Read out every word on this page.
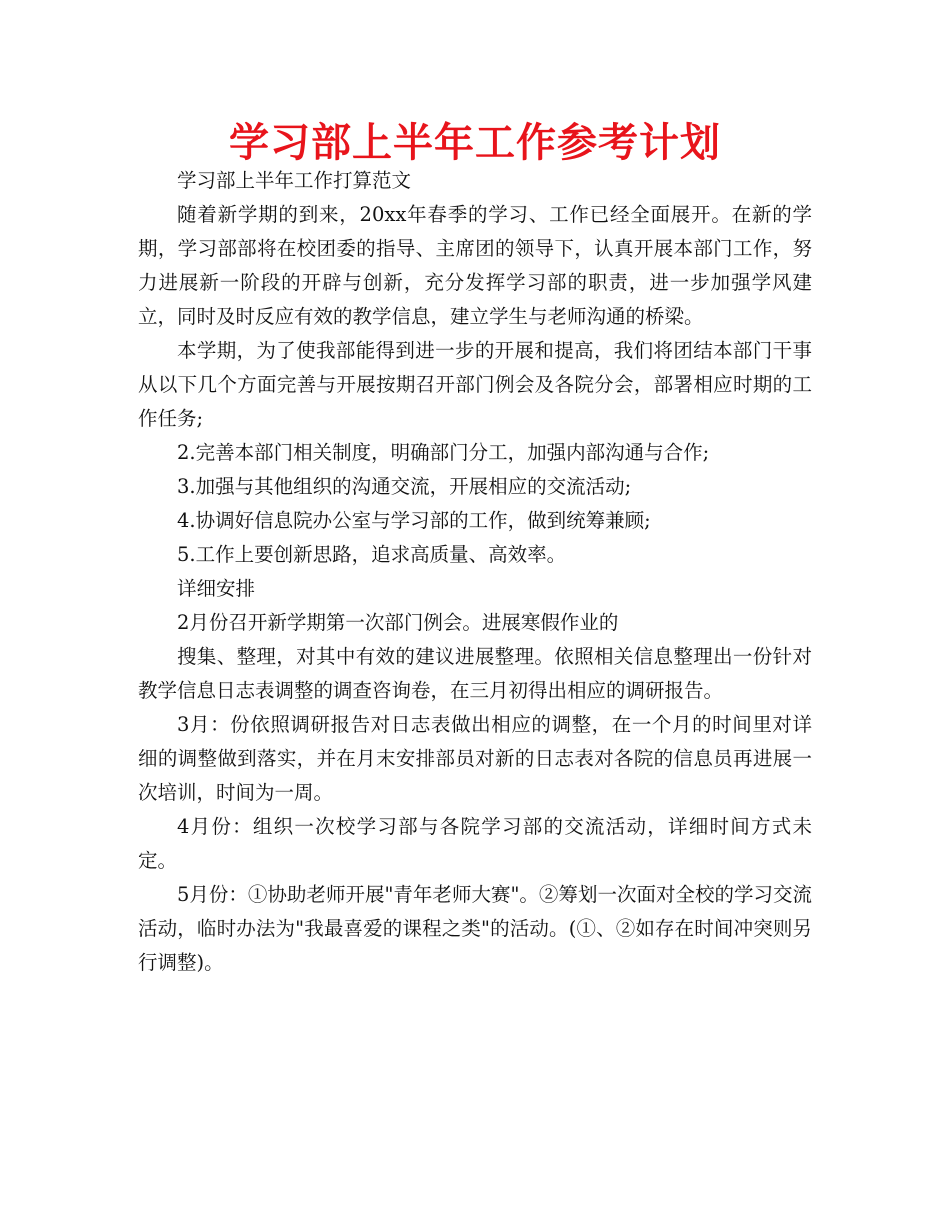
学习部上半年工作参考计划

学习部上半年工作打算范文

随着新学期的到来，20xx年春季的学习、工作已经全面展开。在新的学期，学习部部将在校团委的指导、主席团的领导下，认真开展本部门工作，努力进展新一阶段的开辟与创新，充分发挥学习部的职责，进一步加强学风建立，同时及时反应有效的教学信息，建立学生与老师沟通的桥梁。

本学期，为了使我部能得到进一步的开展和提高，我们将团结本部门干事从以下几个方面完善与开展按期召开部门例会及各院分会，部署相应时期的工作任务;

2.完善本部门相关制度，明确部门分工，加强内部沟通与合作;

3.加强与其他组织的沟通交流，开展相应的交流活动;

4.协调好信息院办公室与学习部的工作，做到统筹兼顾;

5.工作上要创新思路，追求高质量、高效率。

详细安排

2月份召开新学期第一次部门例会。进展寒假作业的

搜集、整理，对其中有效的建议进展整理。依照相关信息整理出一份针对教学信息日志表调整的调查咨询卷，在三月初得出相应的调研报告。

3月：份依照调研报告对日志表做出相应的调整，在一个月的时间里对详细的调整做到落实，并在月末安排部员对新的日志表对各院的信息员再进展一次培训，时间为一周。

4月份：组织一次校学习部与各院学习部的交流活动，详细时间方式未定。

5月份：①协助老师开展"青年老师大赛"。②筹划一次面对全校的学习交流活动，临时办法为"我最喜爱的课程之类"的活动。(①、②如存在时间冲突则另行调整)。
